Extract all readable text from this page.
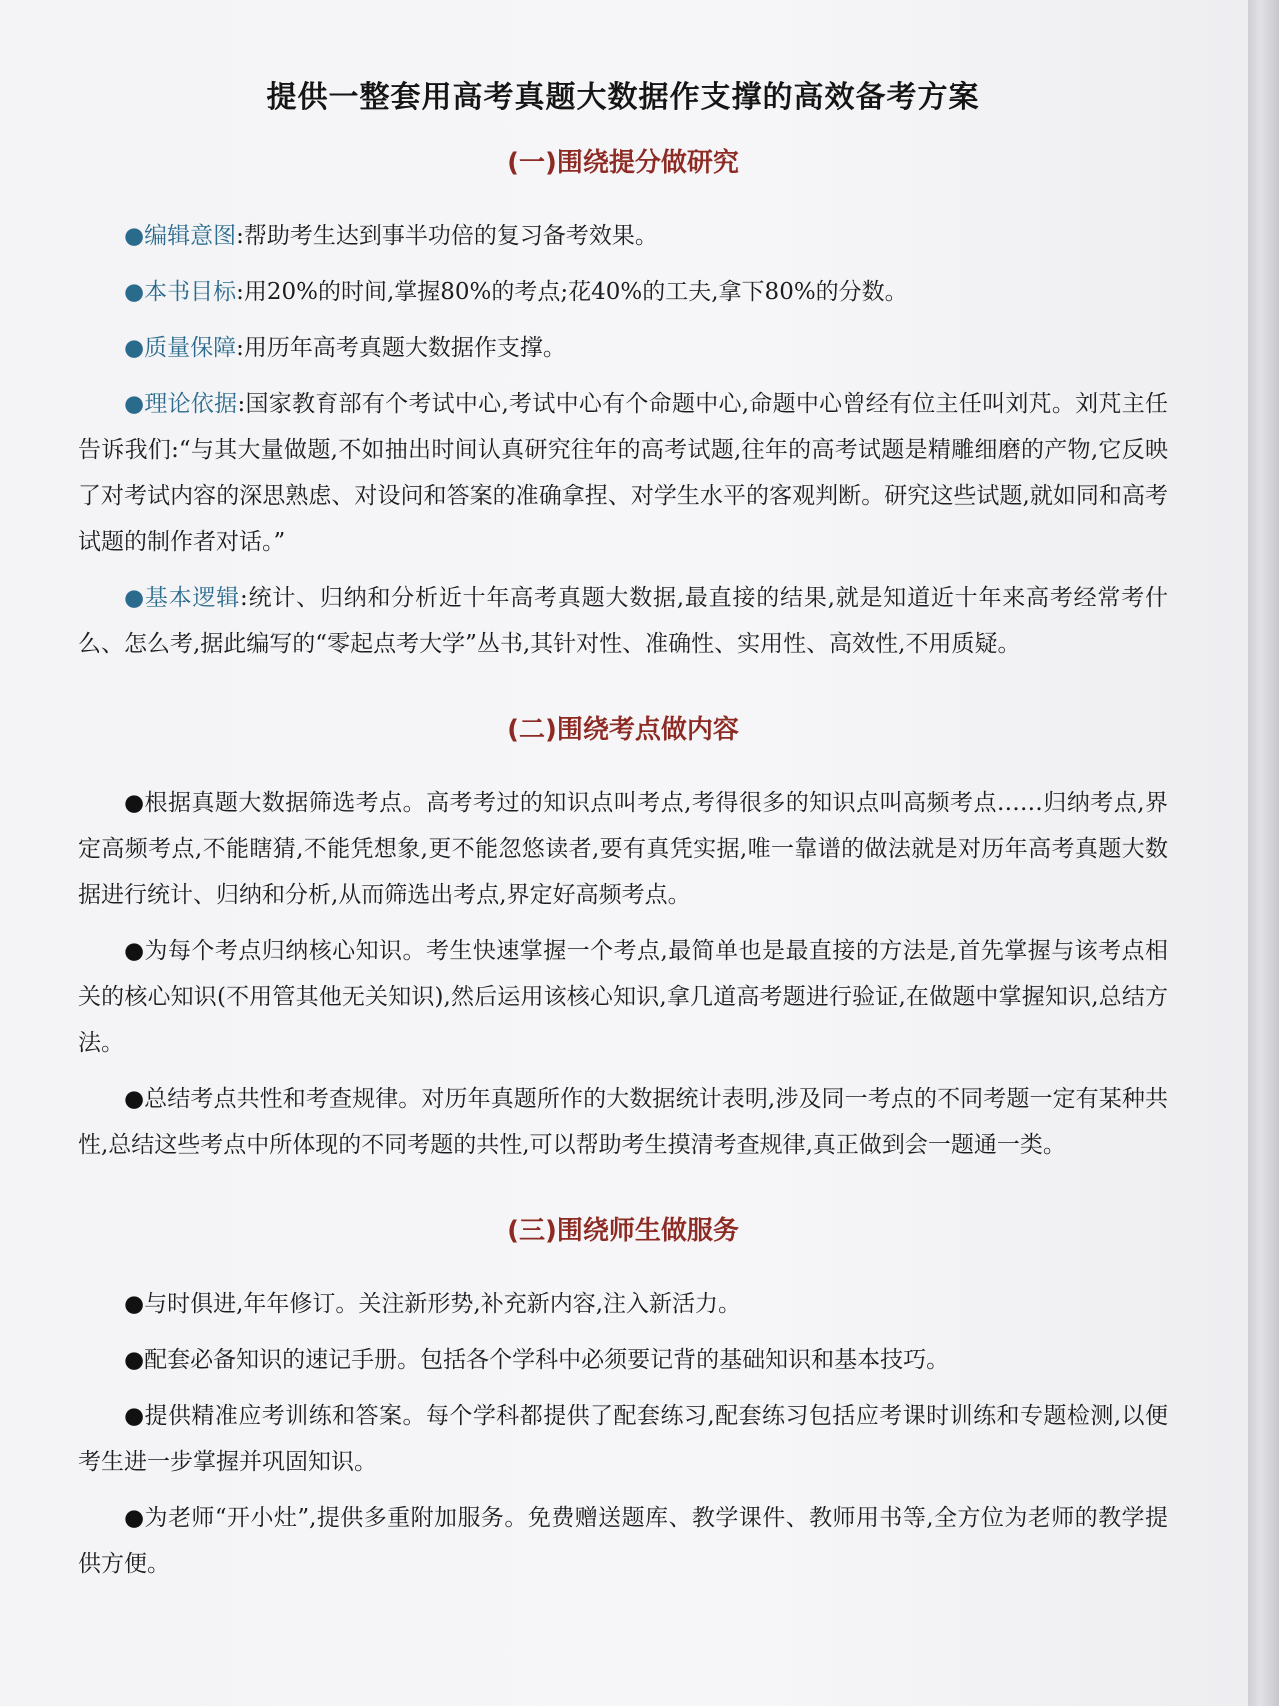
提供一整套用高考真题大数据作支撑的高效备考方案
(一)围绕提分做研究

●编辑意图:帮助考生达到事半功倍的复习备考效果。

●本书目标:用20%的时间,掌握80%的考点;花40%的工夫,拿下80%的分数。

●质量保障:用历年高考真题大数据作支撑。

●理论依据:国家教育部有个考试中心,考试中心有个命题中心,命题中心曾经有位主任叫刘芃。刘芃主任告诉我们:“与其大量做题,不如抽出时间认真研究往年的高考试题,往年的高考试题是精雕细磨的产物,它反映了对考试内容的深思熟虑、对设问和答案的准确拿捏、对学生水平的客观判断。研究这些试题,就如同和高考试题的制作者对话。”

●基本逻辑:统计、归纳和分析近十年高考真题大数据,最直接的结果,就是知道近十年来高考经常考什么、怎么考,据此编写的“零起点考大学”丛书,其针对性、准确性、实用性、高效性,不用质疑。

(二)围绕考点做内容

●根据真题大数据筛选考点。高考考过的知识点叫考点,考得很多的知识点叫高频考点……归纳考点,界定高频考点,不能瞎猜,不能凭想象,更不能忽悠读者,要有真凭实据,唯一靠谱的做法就是对历年高考真题大数据进行统计、归纳和分析,从而筛选出考点,界定好高频考点。

●为每个考点归纳核心知识。考生快速掌握一个考点,最简单也是最直接的方法是,首先掌握与该考点相关的核心知识(不用管其他无关知识),然后运用该核心知识,拿几道高考题进行验证,在做题中掌握知识,总结方法。

●总结考点共性和考查规律。对历年真题所作的大数据统计表明,涉及同一考点的不同考题一定有某种共性,总结这些考点中所体现的不同考题的共性,可以帮助考生摸清考查规律,真正做到会一题通一类。

(三)围绕师生做服务

●与时俱进,年年修订。关注新形势,补充新内容,注入新活力。

●配套必备知识的速记手册。包括各个学科中必须要记背的基础知识和基本技巧。

●提供精准应考训练和答案。每个学科都提供了配套练习,配套练习包括应考课时训练和专题检测,以便考生进一步掌握并巩固知识。

●为老师“开小灶”,提供多重附加服务。免费赠送题库、教学课件、教师用书等,全方位为老师的教学提供方便。
